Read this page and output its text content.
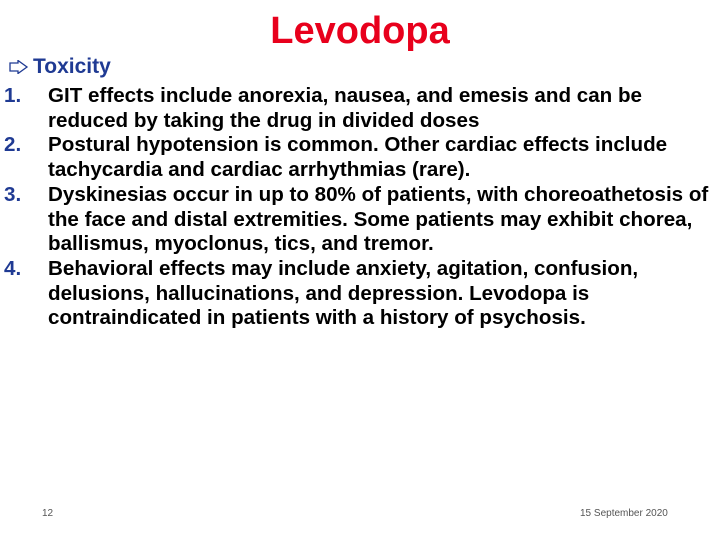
Levodopa
Toxicity
1.	GIT effects include anorexia, nausea, and emesis and can be reduced by taking the drug in divided doses
2.	Postural hypotension is common. Other cardiac effects include tachycardia and cardiac arrhythmias (rare).
3.	Dyskinesias occur in up to 80% of patients, with choreoathetosis of the face and distal extremities. Some patients may exhibit chorea, ballismus, myoclonus, tics, and tremor.
4.	Behavioral effects may include anxiety, agitation, confusion, delusions, hallucinations, and depression. Levodopa is contraindicated in patients with a history of psychosis.
12	15 September 2020
